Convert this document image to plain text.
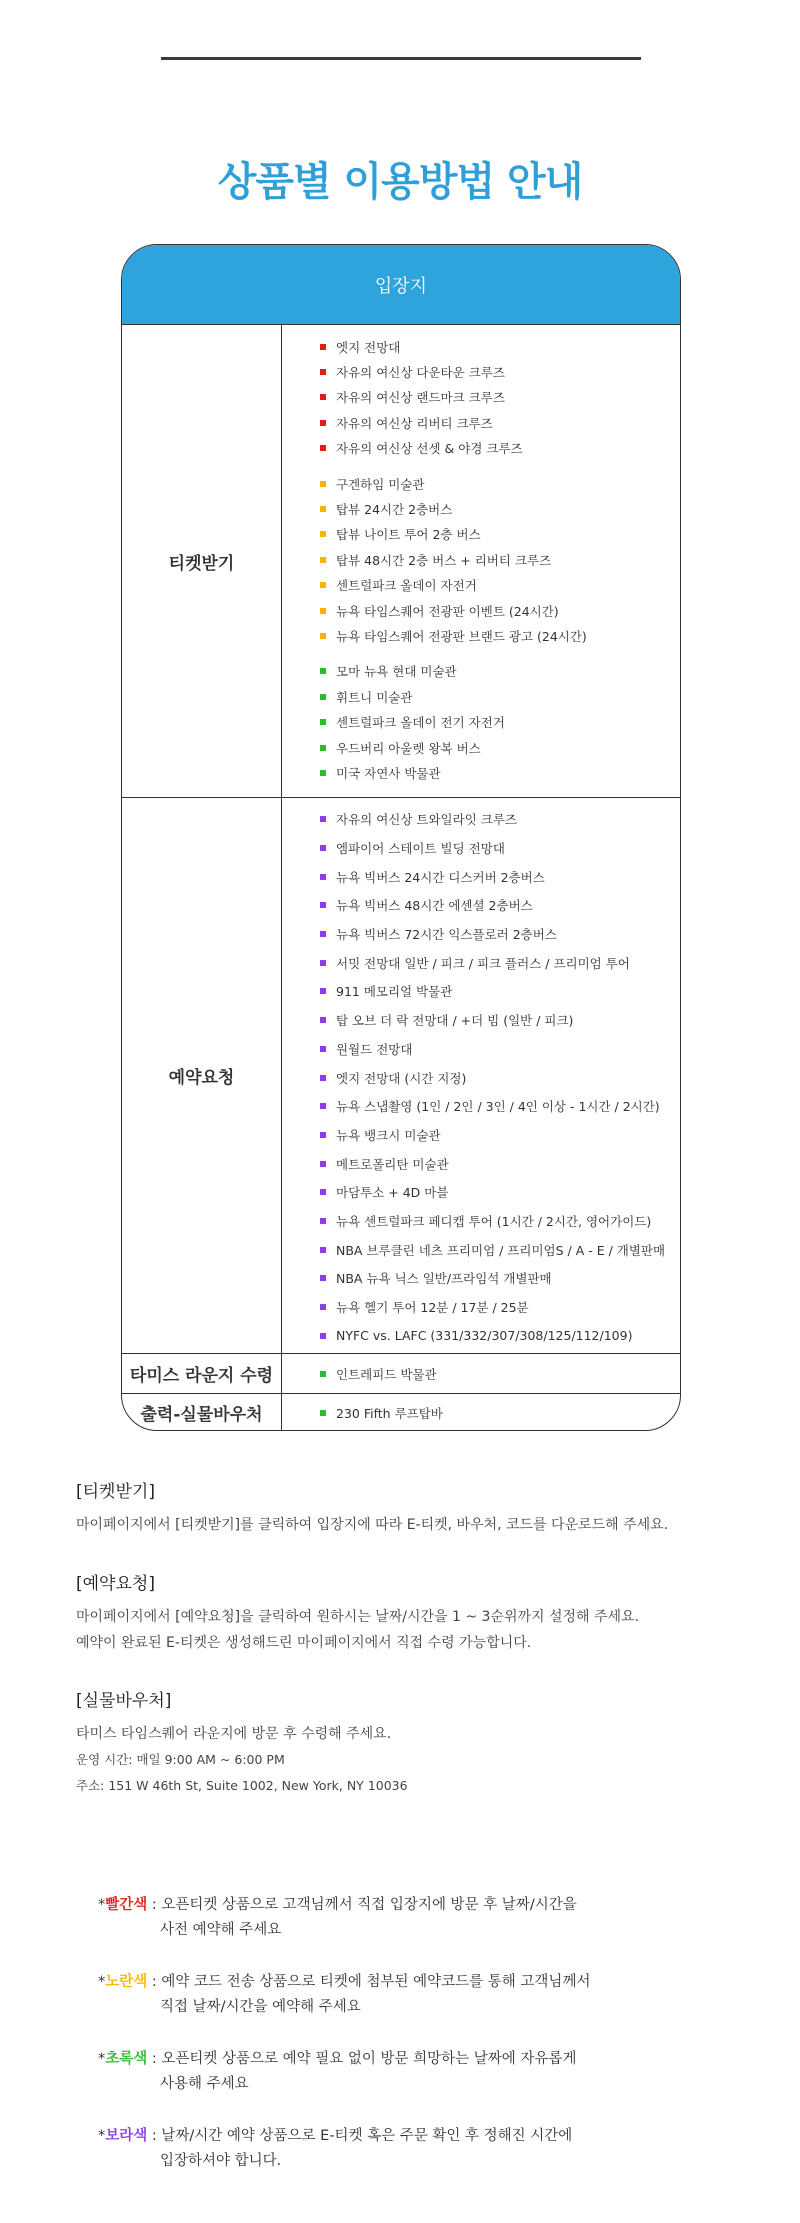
상품별 이용방법 안내
입장지
티켓받기
엣지 전망대
자유의 여신상 다운타운 크루즈
자유의 여신상 랜드마크 크루즈
자유의 여신상 리버티 크루즈
자유의 여신상 선셋 & 야경 크루즈
구겐하임 미술관
탑뷰 24시간 2층버스
탑뷰 나이트 투어 2층 버스
탑뷰 48시간 2층 버스 + 리버티 크루즈
센트럴파크 올데이 자전거
뉴욕 타임스퀘어 전광판 이벤트 (24시간)
뉴욕 타임스퀘어 전광판 브랜드 광고 (24시간)
모마 뉴욕 현대 미술관
휘트니 미술관
센트럴파크 올데이 전기 자전거
우드버리 아울렛 왕복 버스
미국 자연사 박물관
예약요청
자유의 여신상 트와일라잇 크루즈
엠파이어 스테이트 빌딩 전망대
뉴욕 빅버스 24시간 디스커버 2층버스
뉴욕 빅버스 48시간 에센셜 2층버스
뉴욕 빅버스 72시간 익스플로러 2층버스
서밋 전망대 일반 / 피크 / 피크 플러스 / 프리미엄 투어
911 메모리얼 박물관
탑 오브 더 락 전망대 / +더 빔 (일반 / 피크)
원월드 전망대
엣지 전망대 (시간 지정)
뉴욕 스냅촬영 (1인 / 2인 / 3인 / 4인 이상 - 1시간 / 2시간)
뉴욕 뱅크시 미술관
메트로폴리탄 미술관
마담투소 + 4D 마블
뉴욕 센트럴파크 페디캡 투어 (1시간 / 2시간, 영어가이드)
NBA 브루클린 네츠 프리미엄 / 프리미엄S / A - E / 개별판매
NBA 뉴욕 닉스 일반/프라임석 개별판매
뉴욕 헬기 투어 12분 / 17분 / 25분
NYFC vs. LAFC (331/332/307/308/125/112/109)
타미스 라운지 수령	인트레피드 박물관
출력-실물바우처	230 Fifth 루프탑바
[티켓받기]

마이페이지에서 [티켓받기]를 클릭하여 입장지에 따라 E-티켓, 바우처, 코드를 다운로드해 주세요.

[예약요청]

마이페이지에서 [예약요청]을 클릭하여 원하시는 날짜/시간을 1 ~ 3순위까지 설정해 주세요.

예약이 완료된 E-티켓은 생성해드린 마이페이지에서 직접 수령 가능합니다.

[실물바우처]

타미스 타임스퀘어 라운지에 방문 후 수령해 주세요.

운영 시간: 매일 9:00 AM ~ 6:00 PM

주소: 151 W 46th St, Suite 1002, New York, NY 10036

* 빨간색 : 오픈티켓 상품으로 고객님께서 직접 입장지에 방문 후 날짜/시간을
사전 예약해 주세요
* 노란색 : 예약 코드 전송 상품으로 티켓에 첨부된 예약코드를 통해 고객님께서
직접 날짜/시간을 예약해 주세요
* 초록색 : 오픈티켓 상품으로 예약 필요 없이 방문 희망하는 날짜에 자유롭게
사용해 주세요
* 보라색 : 날짜/시간 예약 상품으로 E-티켓 혹은 주문 확인 후 정해진 시간에
입장하셔야 합니다.
